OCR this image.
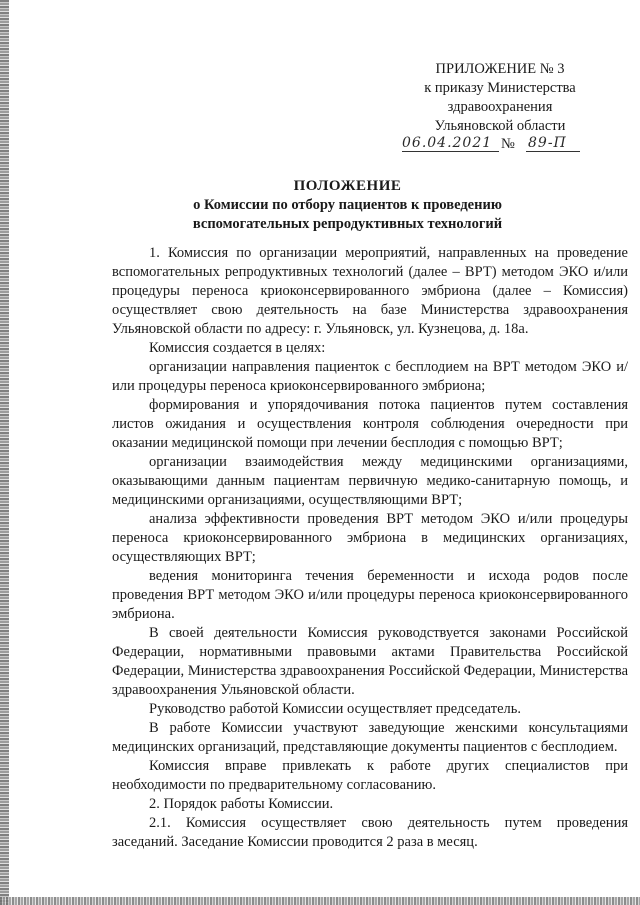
ПРИЛОЖЕНИЕ № 3
к приказу Министерства
здравоохранения
Ульяновской области
06.04.2021 № 89-П
ПОЛОЖЕНИЕ
о Комиссии по отбору пациентов к проведению
вспомогательных репродуктивных технологий

1. Комиссия по организации мероприятий, направленных на проведение вспомогательных репродуктивных технологий (далее – ВРТ) методом ЭКО и/или процедуры переноса криоконсервированного эмбриона (далее – Комиссия) осуществляет свою деятельность на базе Министерства здравоохранения Ульяновской области по адресу: г. Ульяновск, ул. Кузнецова, д. 18а.

Комиссия создается в целях:

организации направления пациенток с бесплодием на ВРТ методом ЭКО и/или процедуры переноса криоконсервированного эмбриона;

формирования и упорядочивания потока пациентов путем составления листов ожидания и осуществления контроля соблюдения очередности при оказании медицинской помощи при лечении бесплодия с помощью ВРТ;

организации взаимодействия между медицинскими организациями, оказывающими данным пациентам первичную медико-санитарную помощь, и медицинскими организациями, осуществляющими ВРТ;

анализа эффективности проведения ВРТ методом ЭКО и/или процедуры переноса криоконсервированного эмбриона в медицинских организациях, осуществляющих ВРТ;

ведения мониторинга течения беременности и исхода родов после проведения ВРТ методом ЭКО и/или процедуры переноса криоконсервированного эмбриона.

В своей деятельности Комиссия руководствуется законами Российской Федерации, нормативными правовыми актами Правительства Российской Федерации, Министерства здравоохранения Российской Федерации, Министерства здравоохранения Ульяновской области.

Руководство работой Комиссии осуществляет председатель.

В работе Комиссии участвуют заведующие женскими консультациями медицинских организаций, представляющие документы пациентов с бесплодием.

Комиссия вправе привлекать к работе других специалистов при необходимости по предварительному согласованию.

2. Порядок работы Комиссии.

2.1. Комиссия осуществляет свою деятельность путем проведения заседаний. Заседание Комиссии проводится 2 раза в месяц.
